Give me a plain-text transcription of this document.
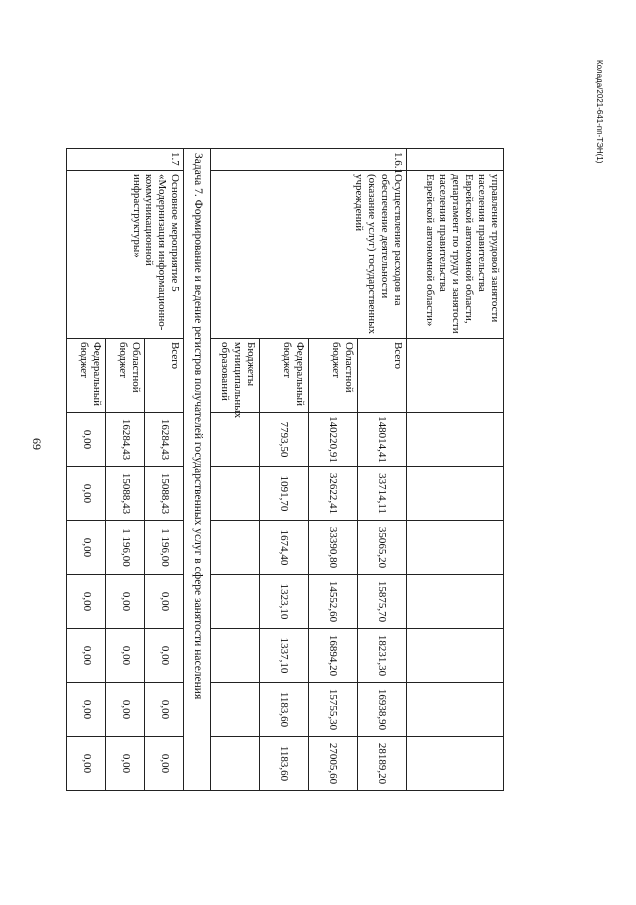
69
Колада/2021-641-пп-ТЭН(1)
	управление трудовой занятости населения правительства Еврейской автономной области, департамент по труду и занятости населения правительства Еврейской автономной области»								
1.6.1	Осуществление расходов на обеспечение деятельности (оказание услуг) государственных учреждений	Всего	148014,41	33714,11	35065,20	15875,70	18231,30	16938,90	28189,20
		Областной бюджет	140220,91	32622,41	33390,80	14552,60	16894,20	15755,30	27005,60
		Федеральный бюджет	7793,50	1091,70	1674,40	1323,10	1337,10	1183,60	1183,60
		Бюджеты муниципальных образований							
Задача 7. Формирование и ведение регистров получателей государственных услуг в сфере занятости населения									
1.7	Основное мероприятие 5 «Модернизация информационно-коммуникационной инфраструктуры»	Всего	16284,43	15088,43	1 196,00	0,00	0,00	0,00	0,00
		Областной бюджет	16284,43	15088,43	1 196,00	0,00	0,00	0,00	0,00
		Федеральный бюджет	0,00	0,00	0,00	0,00	0,00	0,00	0,00
